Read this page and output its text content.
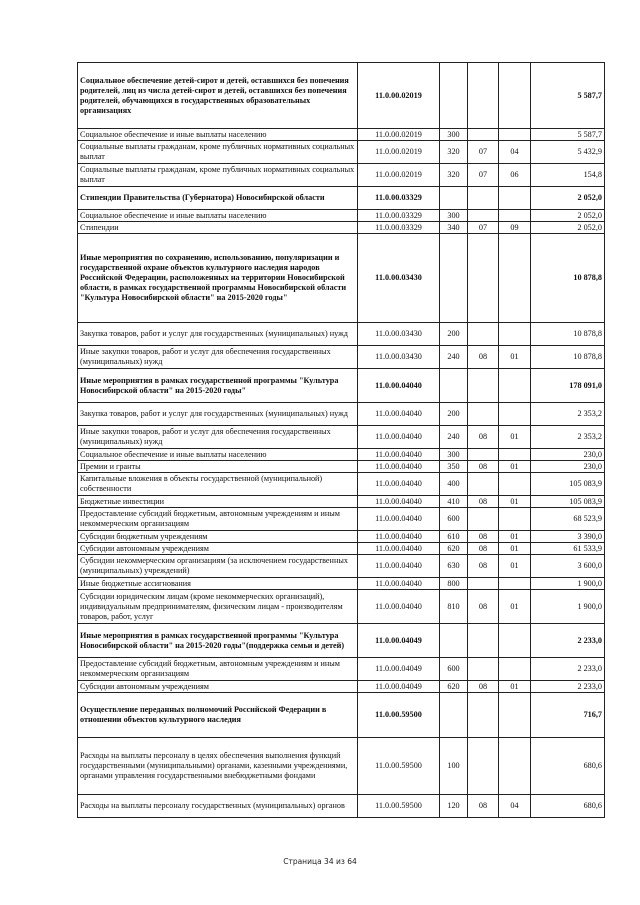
Социальное обеспечение детей-сирот и детей, оставшихся без попечения родителей, лиц из числа детей-сирот и детей, оставшихся без попечения родителей, обучающихся в государственных образовательных организациях	11.0.00.02019				5 587,7
Социальное обеспечение и иные выплаты населению	11.0.00.02019	300			5 587,7
Социальные выплаты гражданам, кроме публичных нормативных социальных выплат	11.0.00.02019	320	07	04	5 432,9
Социальные выплаты гражданам, кроме публичных нормативных социальных выплат	11.0.00.02019	320	07	06	154,8
Стипендии Правительства (Губернатора) Новосибирской области	11.0.00.03329				2 052,0
Социальное обеспечение и иные выплаты населению	11.0.00.03329	300			2 052,0
Стипендии	11.0.00.03329	340	07	09	2 052,0
Иные мероприятия по сохранению, использованию, популяризации и государственной охране объектов культурного наследия народов Российской Федерации, расположенных на территории Новосибирской области, в рамках государственной программы Новосибирской области "Культура Новосибирской области" на 2015-2020 годы"	11.0.00.03430				10 878,8
Закупка товаров, работ и услуг для государственных (муниципальных) нужд	11.0.00.03430	200			10 878,8
Иные закупки товаров, работ и услуг для обеспечения государственных (муниципальных) нужд	11.0.00.03430	240	08	01	10 878,8
Иные мероприятия в рамках государственной программы "Культура Новосибирской области" на 2015-2020 годы"	11.0.00.04040				178 091,0
Закупка товаров, работ и услуг для государственных (муниципальных) нужд	11.0.00.04040	200			2 353,2
Иные закупки товаров, работ и услуг для обеспечения государственных (муниципальных) нужд	11.0.00.04040	240	08	01	2 353,2
Социальное обеспечение и иные выплаты населению	11.0.00.04040	300			230,0
Премии и гранты	11.0.00.04040	350	08	01	230,0
Капитальные вложения в объекты государственной (муниципальной) собственности	11.0.00.04040	400			105 083,9
Бюджетные инвестиции	11.0.00.04040	410	08	01	105 083,9
Предоставление субсидий бюджетным, автономным учреждениям и иным некоммерческим организациям	11.0.00.04040	600			68 523,9
Субсидии бюджетным учреждениям	11.0.00.04040	610	08	01	3 390,0
Субсидии автономным учреждениям	11.0.00.04040	620	08	01	61 533,9
Субсидии некоммерческим организациям (за исключением государственных (муниципальных) учреждений)	11.0.00.04040	630	08	01	3 600,0
Иные бюджетные ассигнования	11.0.00.04040	800			1 900,0
Субсидии юридическим лицам (кроме некоммерческих организаций), индивидуальным предпринимателям, физическим лицам - производителям товаров, работ, услуг	11.0.00.04040	810	08	01	1 900,0
Иные мероприятия в рамках государственной программы "Культура Новосибирской области" на 2015-2020 годы"(поддержка семьи и детей)	11.0.00.04049				2 233,0
Предоставление субсидий бюджетным, автономным учреждениям и иным некоммерческим организациям	11.0.00.04049	600			2 233,0
Субсидии автономным учреждениям	11.0.00.04049	620	08	01	2 233,0
Осуществление переданных полномочий Российской Федерации в отношении объектов культурного наследия	11.0.00.59500				716,7
Расходы на выплаты персоналу в целях обеспечения выполнения функций государственными (муниципальными) органами, казенными учреждениями, органами управления государственными внебюджетными фондами	11.0.00.59500	100			680,6
Расходы на выплаты персоналу государственных (муниципальных) органов	11.0.00.59500	120	08	04	680,6
Страница 34 из 64
